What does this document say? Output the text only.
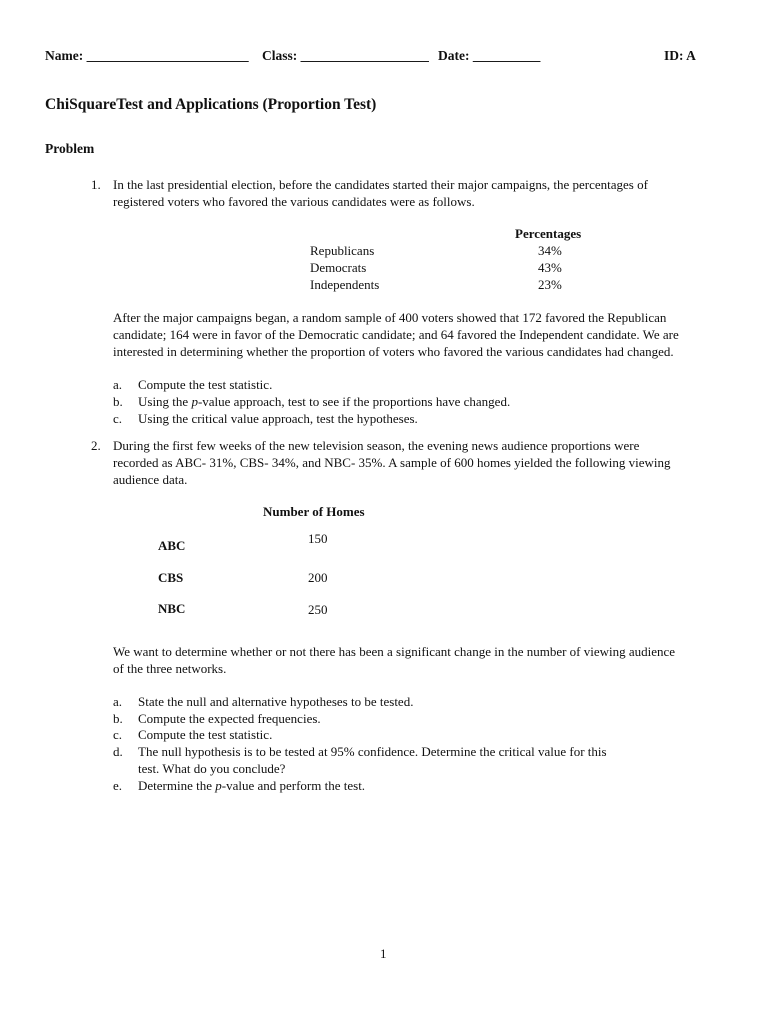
Name: ________________________ Class: ___________________ Date: __________	ID: A
ChiSquareTest and Applications (Proportion Test)
Problem
1. In the last presidential election, before the candidates started their major campaigns, the percentages of
registered voters who favored the various candidates were as follows.
Percentages
Republicans	34%
Democrats	43%
Independents	23%
After the major campaigns began, a random sample of 400 voters showed that 172 favored the Republican
candidate; 164 were in favor of the Democratic candidate; and 64 favored the Independent candidate. We are
interested in determining whether the proportion of voters who favored the various candidates had changed.
a. Compute the test statistic.
b. Using the p-value approach, test to see if the proportions have changed.
c. Using the critical value approach, test the hypotheses.
2. During the first few weeks of the new television season, the evening news audience proportions were
recorded as ABC- 31%, CBS- 34%, and NBC- 35%. A sample of 600 homes yielded the following viewing
audience data.
Number of Homes
ABC	150
CBS	200
NBC	250
We want to determine whether or not there has been a significant change in the number of viewing audience
of the three networks.
a. State the null and alternative hypotheses to be tested.
b. Compute the expected frequencies.
c. Compute the test statistic.
d. The null hypothesis is to be tested at 95% confidence. Determine the critical value for this
test. What do you conclude?
e. Determine the p-value and perform the test.
1
